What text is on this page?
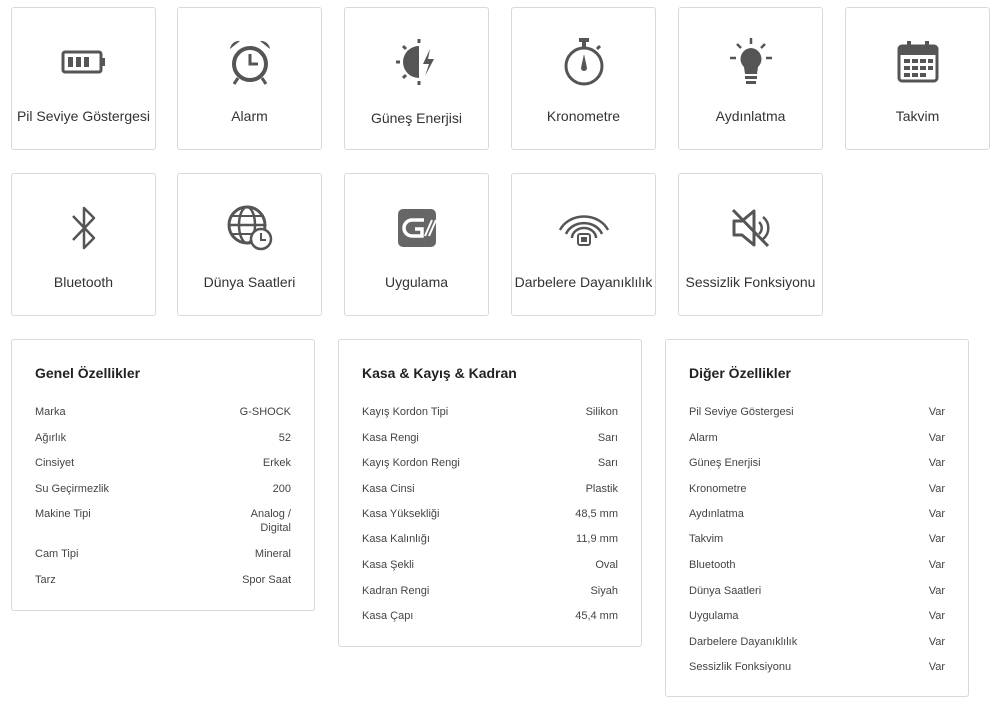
Pil Seviye Göstergesi	Alarm	Güneş Enerjisi	Kronometre	Aydınlatma	Takvim
Bluetooth	Dünya Saatleri	Uygulama	Darbelere Dayanıklılık	Sessizlik Fonksiyonu
Genel Özellikler
Marka	G-SHOCK
Ağırlık	52
Cinsiyet	Erkek
Su Geçirmezlik	200
Makine Tipi	Analog /
Digital
Cam Tipi	Mineral
Tarz	Spor Saat
Kasa & Kayış & Kadran
Kayış Kordon Tipi	Silikon
Kasa Rengi	Sarı
Kayış Kordon Rengi	Sarı
Kasa Cinsi	Plastik
Kasa Yüksekliği	48,5 mm
Kasa Kalınlığı	11,9 mm
Kasa Şekli	Oval
Kadran Rengi	Siyah
Kasa Çapı	45,4 mm
Diğer Özellikler
Pil Seviye Göstergesi	Var
Alarm	Var
Güneş Enerjisi	Var
Kronometre	Var
Aydınlatma	Var
Takvim	Var
Bluetooth	Var
Dünya Saatleri	Var
Uygulama	Var
Darbelere Dayanıklılık	Var
Sessizlik Fonksiyonu	Var
